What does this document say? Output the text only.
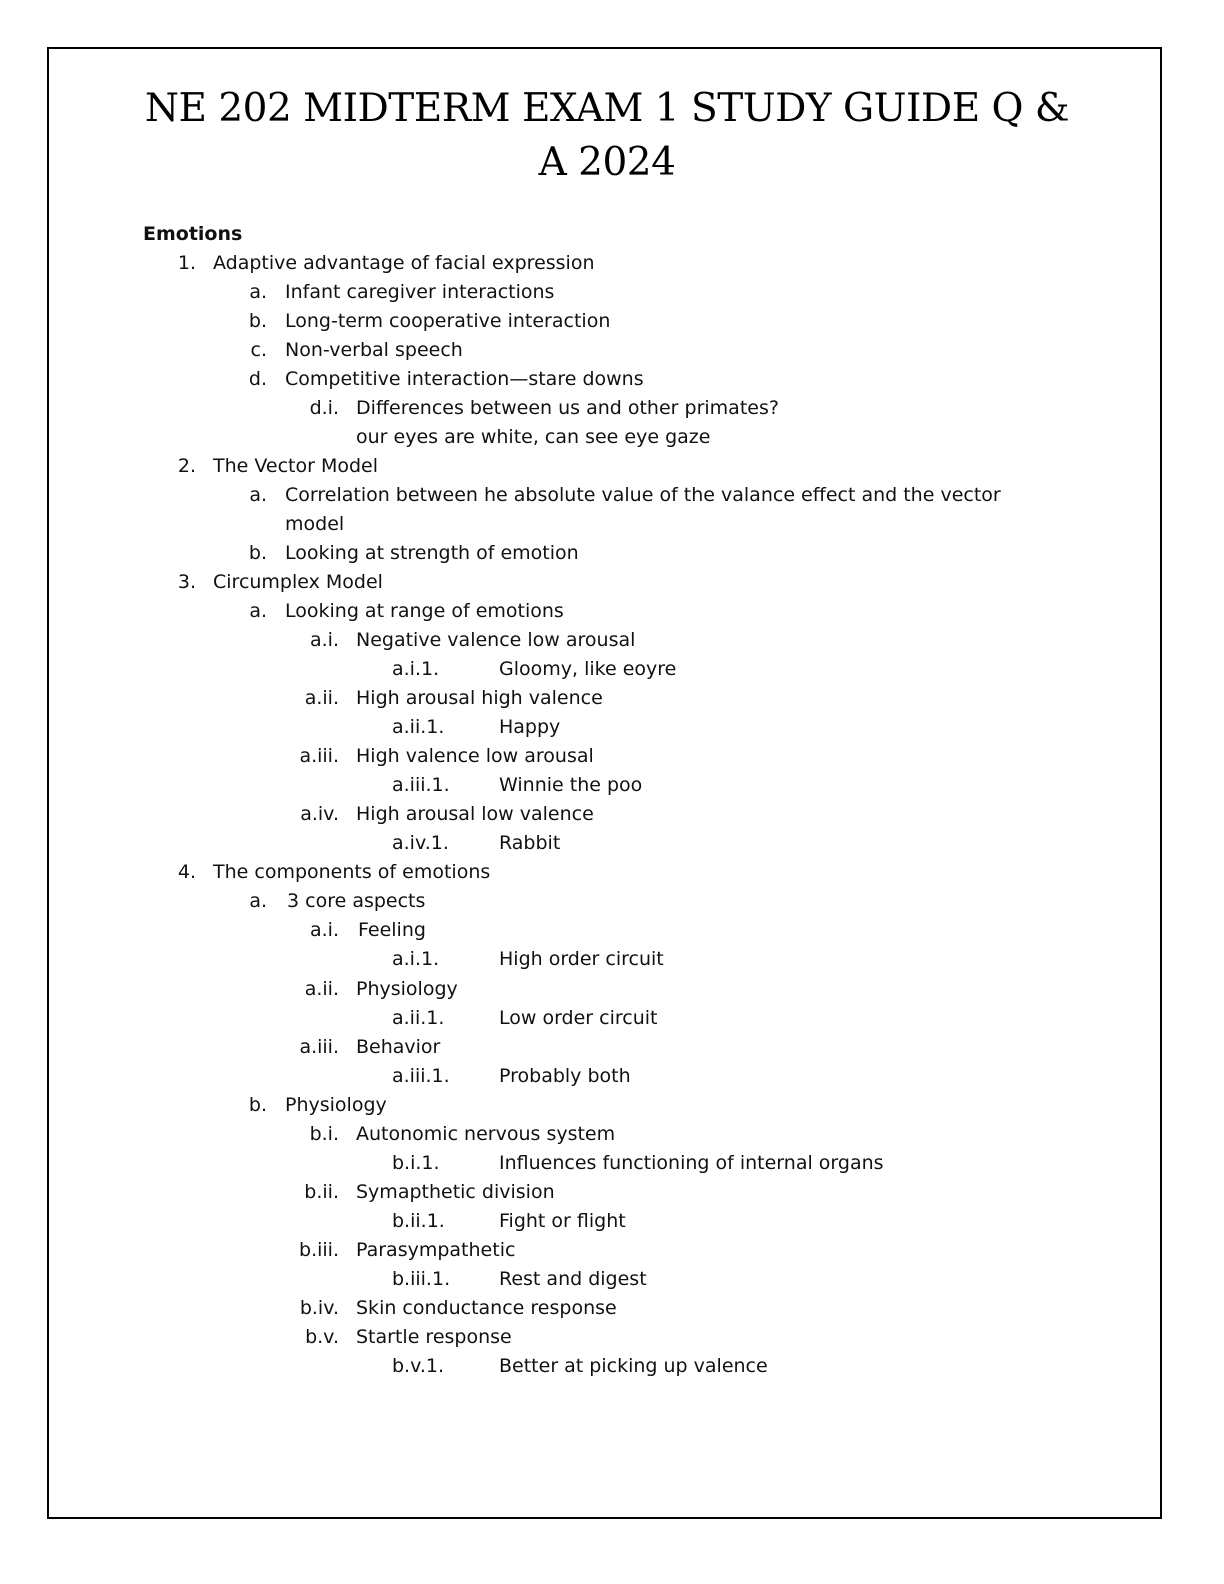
NE 202 MIDTERM EXAM 1 STUDY GUIDE Q &
A 2024
Emotions
1. Adaptive advantage of facial expression
a. Infant caregiver interactions
b. Long-term cooperative interaction
c. Non-verbal speech
d. Competitive interaction—stare downs
d.i. Differences between us and other primates?
our eyes are white, can see eye gaze
2. The Vector Model
a. Correlation between he absolute value of the valance effect and the vector
model
b. Looking at strength of emotion
3. Circumplex Model
a. Looking at range of emotions
a.i. Negative valence low arousal
a.i.1.	Gloomy, like eoyre
a.ii. High arousal high valence
a.ii.1.	Happy
a.iii. High valence low arousal
a.iii.1.	Winnie the poo
a.iv. High arousal low valence
a.iv.1.	Rabbit
4. The components of emotions
a. 3 core aspects
a.i. Feeling
a.i.1.	High order circuit
a.ii. Physiology
a.ii.1.	Low order circuit
a.iii. Behavior
a.iii.1.	Probably both
b. Physiology
b.i. Autonomic nervous system
b.i.1.	Influences functioning of internal organs
b.ii. Symapthetic division
b.ii.1.	Fight or flight
b.iii. Parasympathetic
b.iii.1.	Rest and digest
b.iv. Skin conductance response
b.v. Startle response
b.v.1.	Better at picking up valence
